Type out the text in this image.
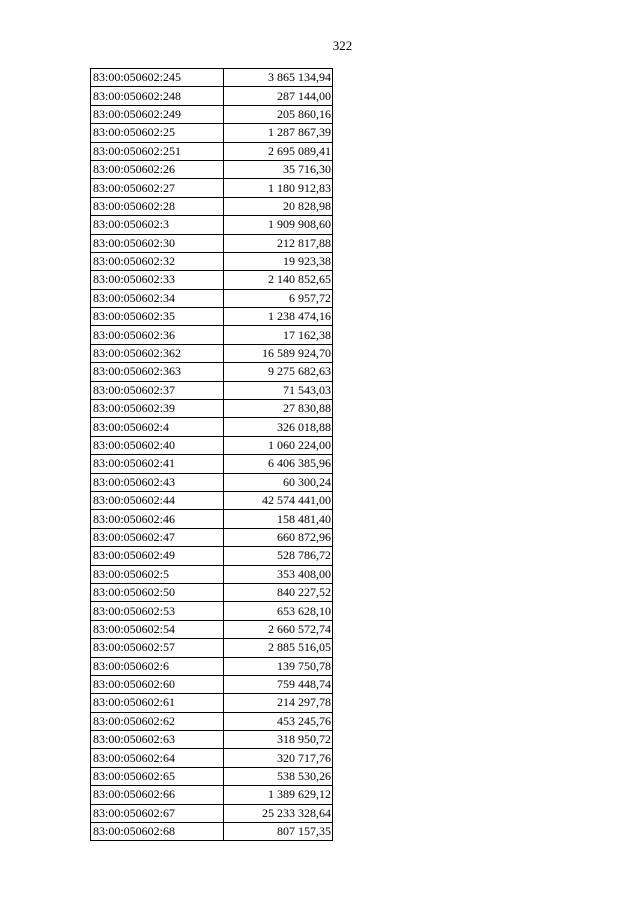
322
83:00:050602:245	3 865 134,94
83:00:050602:248	287 144,00
83:00:050602:249	205 860,16
83:00:050602:25	1 287 867,39
83:00:050602:251	2 695 089,41
83:00:050602:26	35 716,30
83:00:050602:27	1 180 912,83
83:00:050602:28	20 828,98
83:00:050602:3	1 909 908,60
83:00:050602:30	212 817,88
83:00:050602:32	19 923,38
83:00:050602:33	2 140 852,65
83:00:050602:34	6 957,72
83:00:050602:35	1 238 474,16
83:00:050602:36	17 162,38
83:00:050602:362	16 589 924,70
83:00:050602:363	9 275 682,63
83:00:050602:37	71 543,03
83:00:050602:39	27 830,88
83:00:050602:4	326 018,88
83:00:050602:40	1 060 224,00
83:00:050602:41	6 406 385,96
83:00:050602:43	60 300,24
83:00:050602:44	42 574 441,00
83:00:050602:46	158 481,40
83:00:050602:47	660 872,96
83:00:050602:49	528 786,72
83:00:050602:5	353 408,00
83:00:050602:50	840 227,52
83:00:050602:53	653 628,10
83:00:050602:54	2 660 572,74
83:00:050602:57	2 885 516,05
83:00:050602:6	139 750,78
83:00:050602:60	759 448,74
83:00:050602:61	214 297,78
83:00:050602:62	453 245,76
83:00:050602:63	318 950,72
83:00:050602:64	320 717,76
83:00:050602:65	538 530,26
83:00:050602:66	1 389 629,12
83:00:050602:67	25 233 328,64
83:00:050602:68	807 157,35
